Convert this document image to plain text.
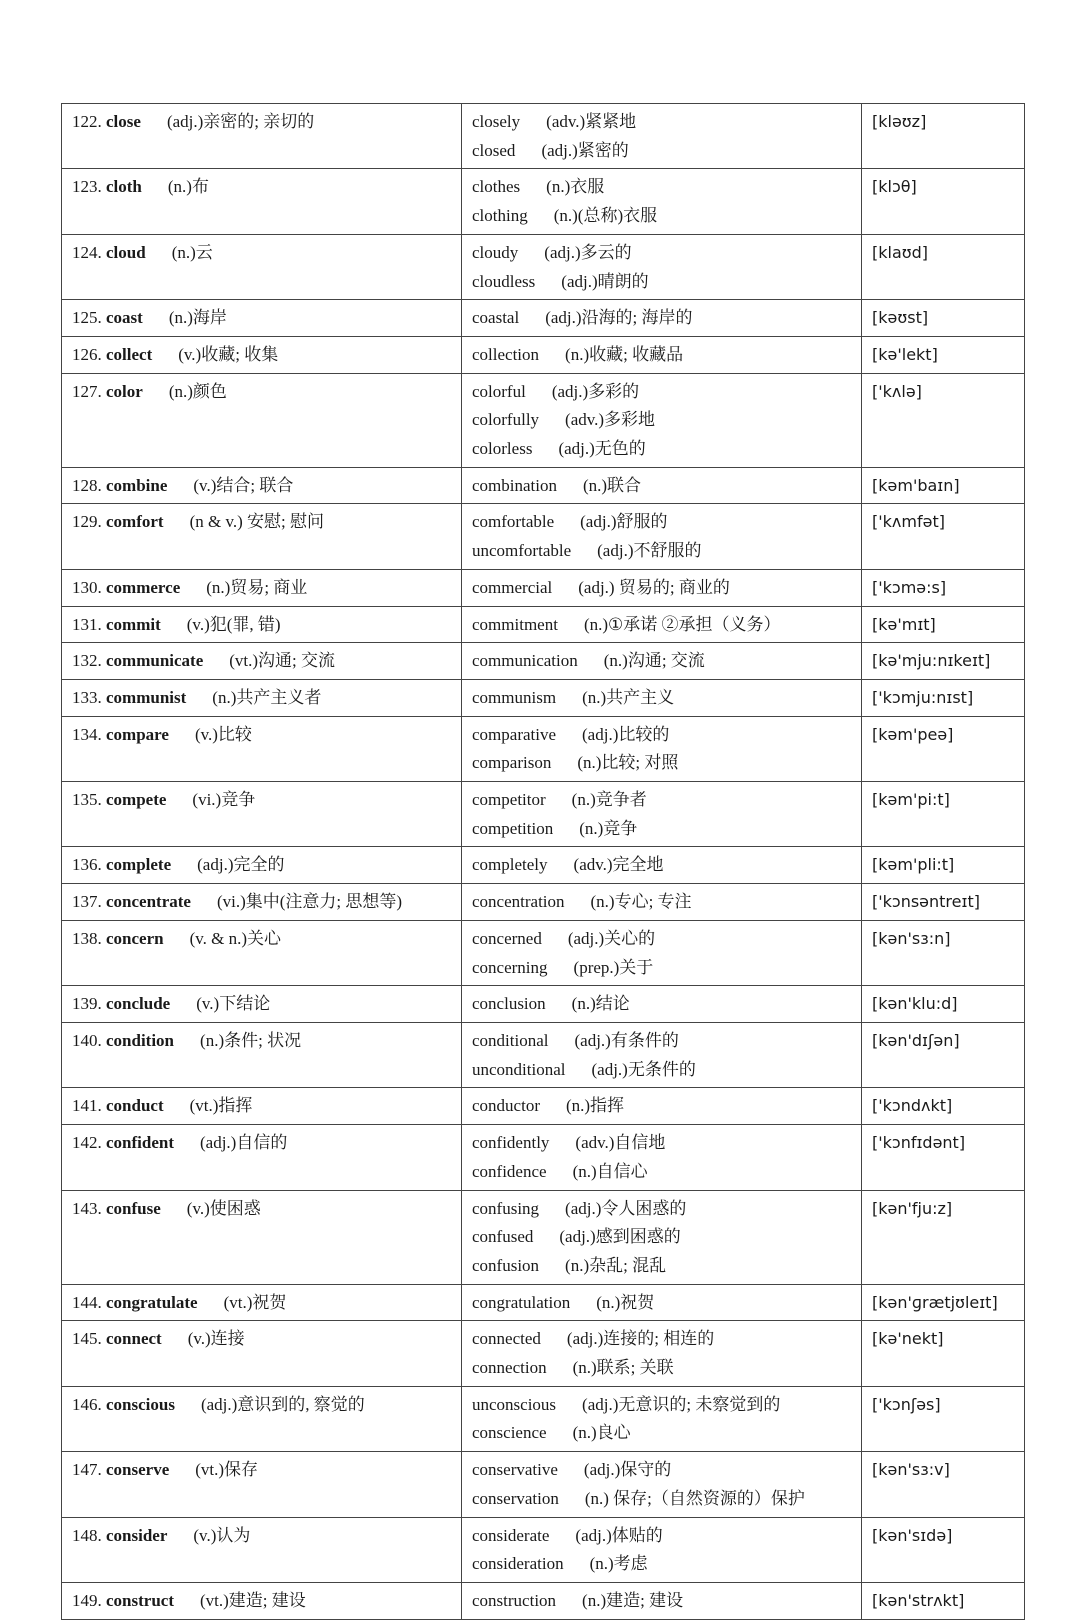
122. close (adj.)亲密的; 亲切的	closely (adv.)紧紧地
closed (adj.)紧密的	[kləʊz]

123. cloth (n.)布	clothes (n.)衣服
clothing (n.)(总称)衣服	[klɔθ]

124. cloud (n.)云	cloudy (adj.)多云的
cloudless (adj.)晴朗的	[klaʊd]

125. coast (n.)海岸	coastal (adj.)沿海的; 海岸的	[kəʊst]

126. collect (v.)收藏; 收集	collection (n.)收藏; 收藏品	[kə'lekt]

127. color (n.)颜色	colorful (adj.)多彩的
colorfully (adv.)多彩地
colorless (adj.)无色的	['kʌlə]

128. combine (v.)结合; 联合	combination (n.)联合	[kəm'baɪn]

129. comfort (n & v.) 安慰; 慰问	comfortable (adj.)舒服的
uncomfortable (adj.)不舒服的	['kʌmfət]

130. commerce (n.)贸易; 商业	commercial (adj.) 贸易的; 商业的	['kɔmə:s]

131. commit (v.)犯(罪, 错)	commitment (n.)①承诺 ②承担（义务）	[kə'mɪt]

132. communicate (vt.)沟通; 交流	communication (n.)沟通; 交流	[kə'mju:nɪkeɪt]

133. communist (n.)共产主义者	communism (n.)共产主义	['kɔmju:nɪst]

134. compare (v.)比较	comparative (adj.)比较的
comparison (n.)比较; 对照	[kəm'peə]

135. compete (vi.)竞争	competitor (n.)竞争者
competition (n.)竞争	[kəm'pi:t]

136. complete (adj.)完全的	completely (adv.)完全地	[kəm'pli:t]

137. concentrate (vi.)集中(注意力; 思想等)	concentration (n.)专心; 专注	['kɔnsəntreɪt]

138. concern (v. & n.)关心	concerned (adj.)关心的
concerning (prep.)关于	[kən'sɜ:n]

139. conclude (v.)下结论	conclusion (n.)结论	[kən'klu:d]

140. condition (n.)条件; 状况	conditional (adj.)有条件的
unconditional (adj.)无条件的	[kən'dɪʃən]

141. conduct (vt.)指挥	conductor (n.)指挥	['kɔndʌkt]

142. confident (adj.)自信的	confidently (adv.)自信地
confidence (n.)自信心	['kɔnfɪdənt]

143. confuse (v.)使困惑	confusing (adj.)令人困惑的
confused (adj.)感到困惑的
confusion (n.)杂乱; 混乱	[kən'fju:z]

144. congratulate (vt.)祝贺	congratulation (n.)祝贺	[kən'ɡrætjʊleɪt]

145. connect (v.)连接	connected (adj.)连接的; 相连的
connection (n.)联系; 关联	[kə'nekt]

146. conscious (adj.)意识到的, 察觉的	unconscious (adj.)无意识的; 未察觉到的
conscience (n.)良心	['kɔnʃəs]

147. conserve (vt.)保存	conservative (adj.)保守的
conservation (n.) 保存;（自然资源的）保护	[kən'sɜ:v]

148. consider (v.)认为	considerate (adj.)体贴的
consideration (n.)考虑	[kən'sɪdə]

149. construct (vt.)建造; 建设	construction (n.)建造; 建设	[kən'strʌkt]
